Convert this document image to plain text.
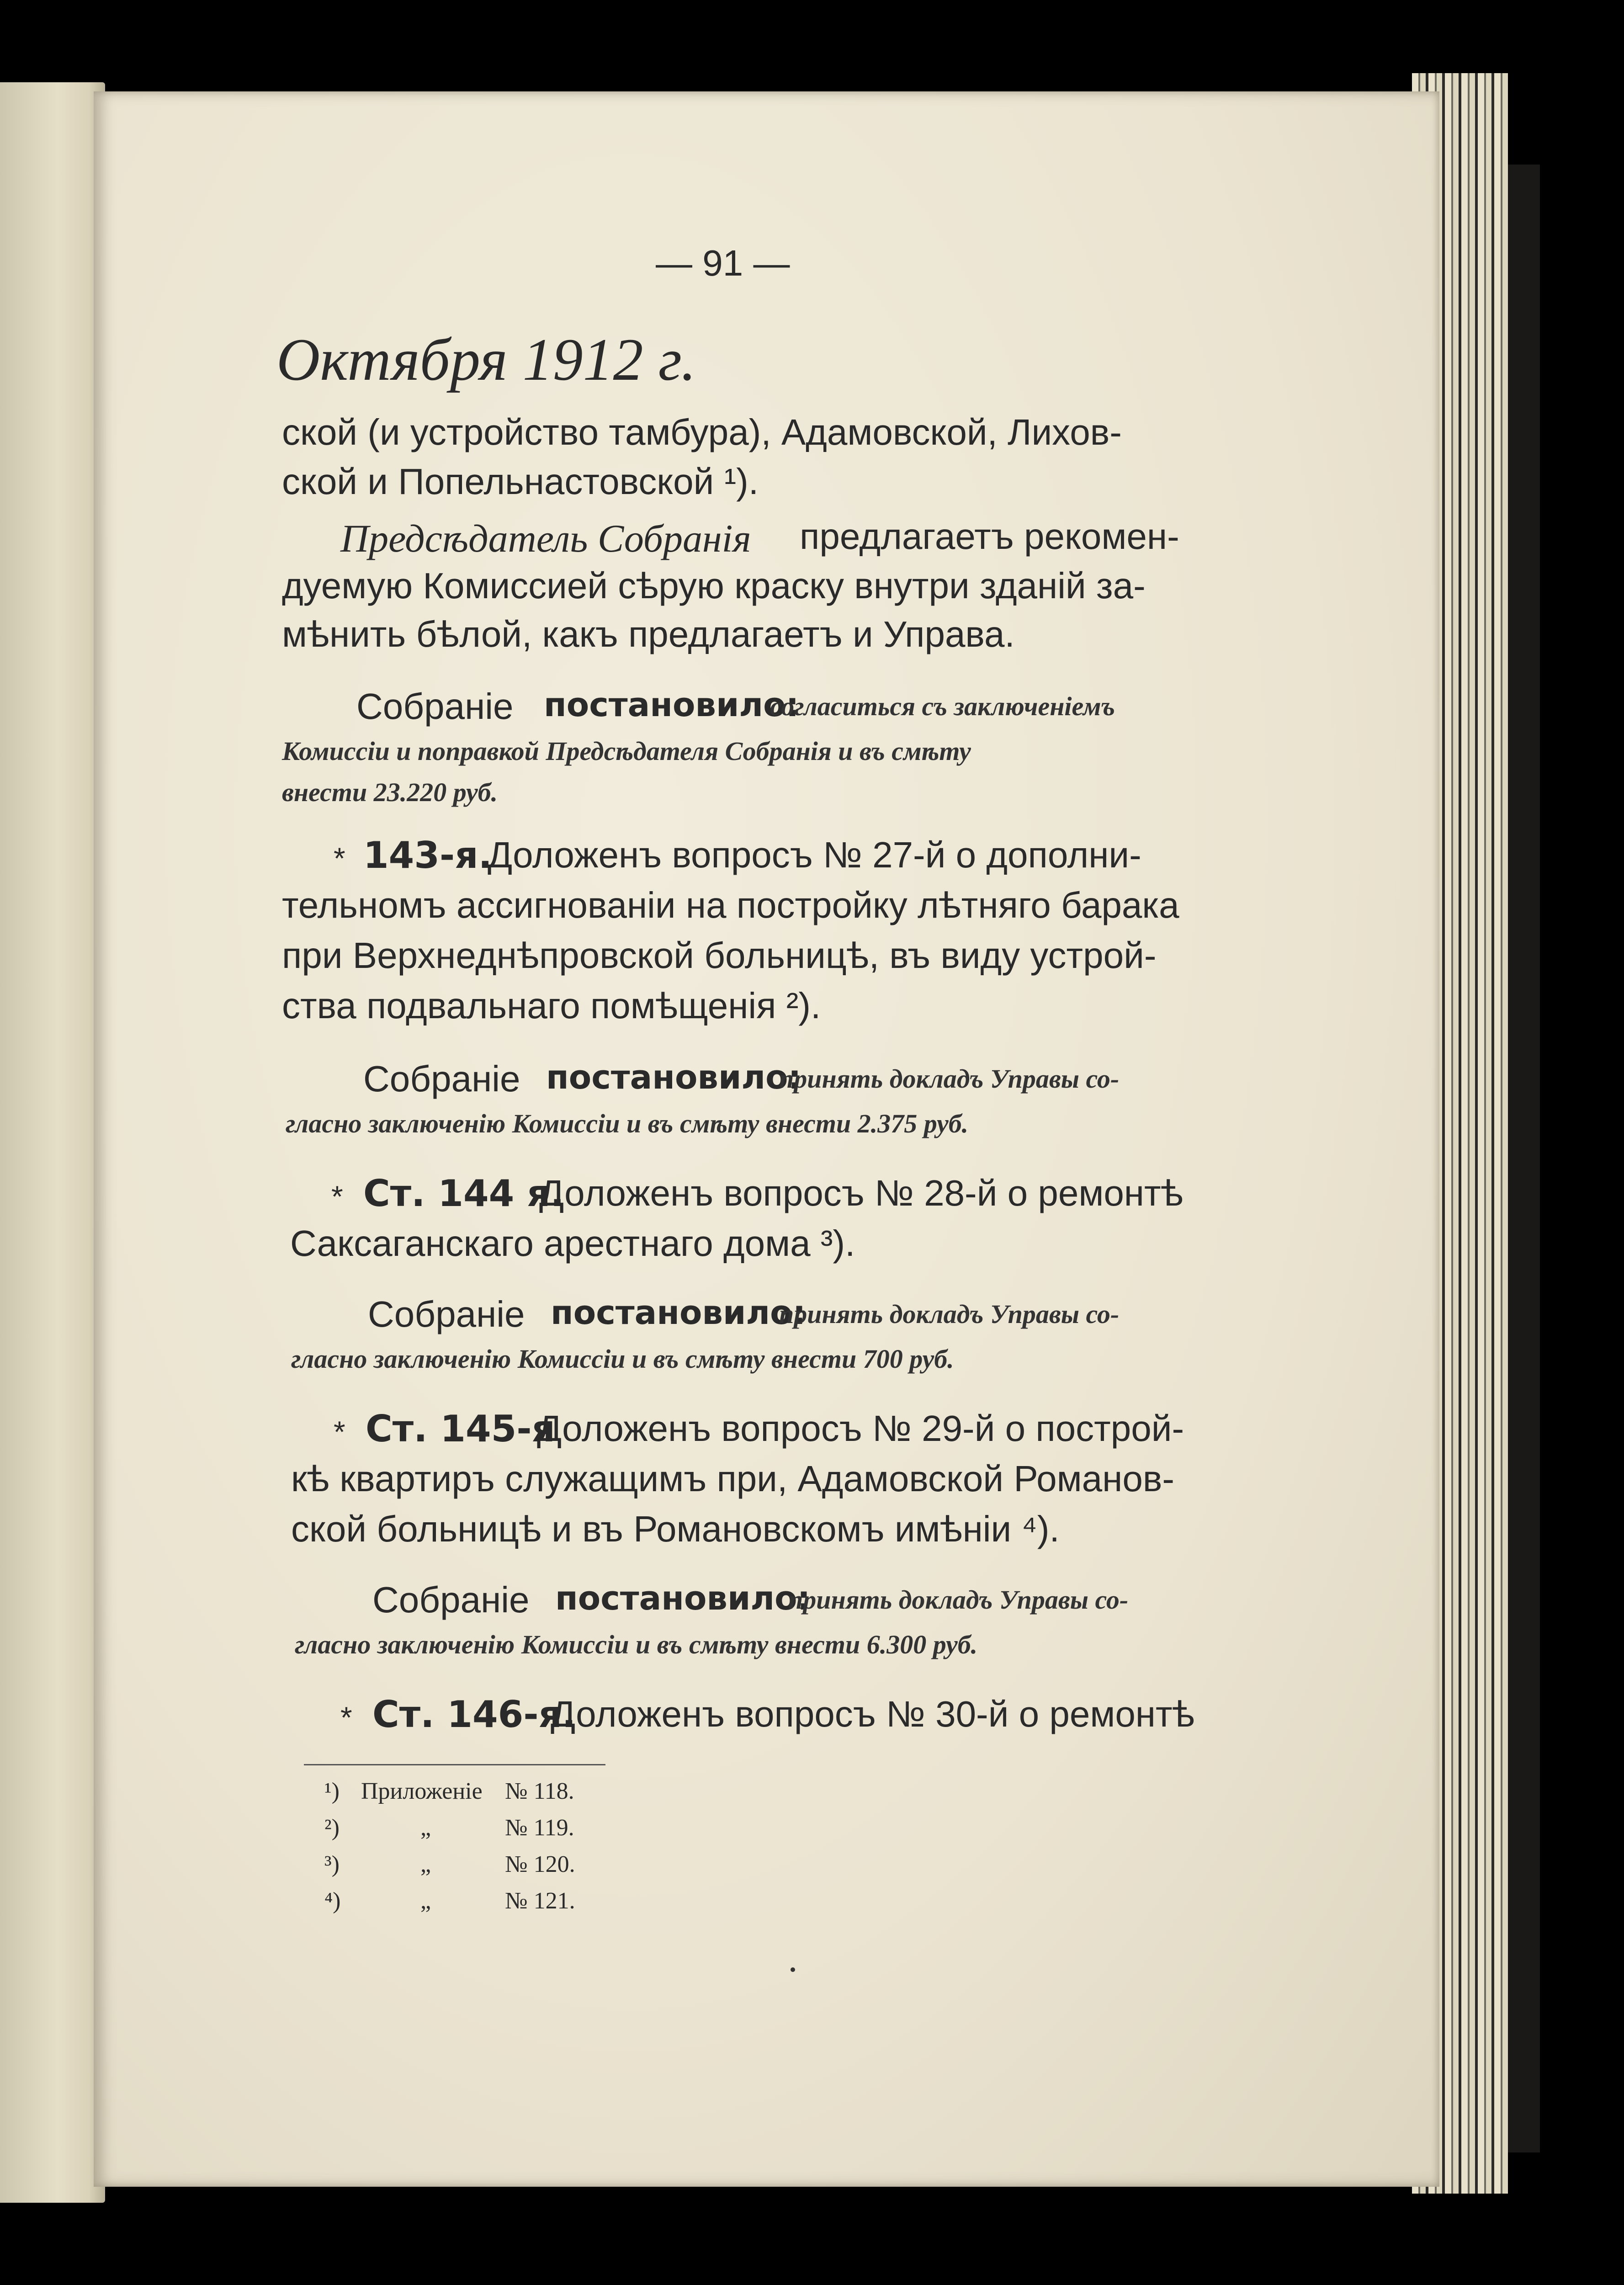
— 91 —
Октября 1912 г.
ской (и устройство тамбура), Адамовской, Лихов-
ской и Попельнастовской ¹).
Предсѣдатель Собранія предлагаетъ рекомен-
дуемую Комиссией сѣрую краску внутри зданій за-
мѣнить бѣлой, какъ предлагаетъ и Управа.
Собраніе постановило:
согласиться съ заключеніемъ
Комиссіи и поправкой Предсѣдателя Собранія и въ смѣту
внести 23.220 руб.
* 143-я.
Доложенъ вопросъ № 27-й о дополни-
тельномъ ассигнованіи на постройку лѣтняго барака
при Верхнеднѣпровской больницѣ, въ виду устрой-
ства подвальнаго помѣщенія ²).
Собраніе постановило:
принять докладъ Управы со-
гласно заключенію Комиссіи и въ смѣту внести 2.375 руб.
* Ст. 144 я.
Доложенъ вопросъ № 28-й о ремонтѣ
Саксаганскаго арестнаго дома ³).
Собраніе постановило:
принять докладъ Управы со-
гласно заключенію Комиссіи и въ смѣту внести 700 руб.
* Ст. 145-я
Доложенъ вопросъ № 29-й о построй-
кѣ квартиръ служащимъ при, Адамовской Романов-
ской больницѣ и въ Романовскомъ имѣніи ⁴).
Собраніе постановило:
принять докладъ Управы со-
гласно заключенію Комиссіи и въ смѣту внести 6.300 руб.
* Ст. 146-я.
Доложенъ вопросъ № 30-й о ремонтѣ
¹) Приложеніе № 118.
²)	„	№ 119.
³)	„	№ 120.
⁴)	„	№ 121.
